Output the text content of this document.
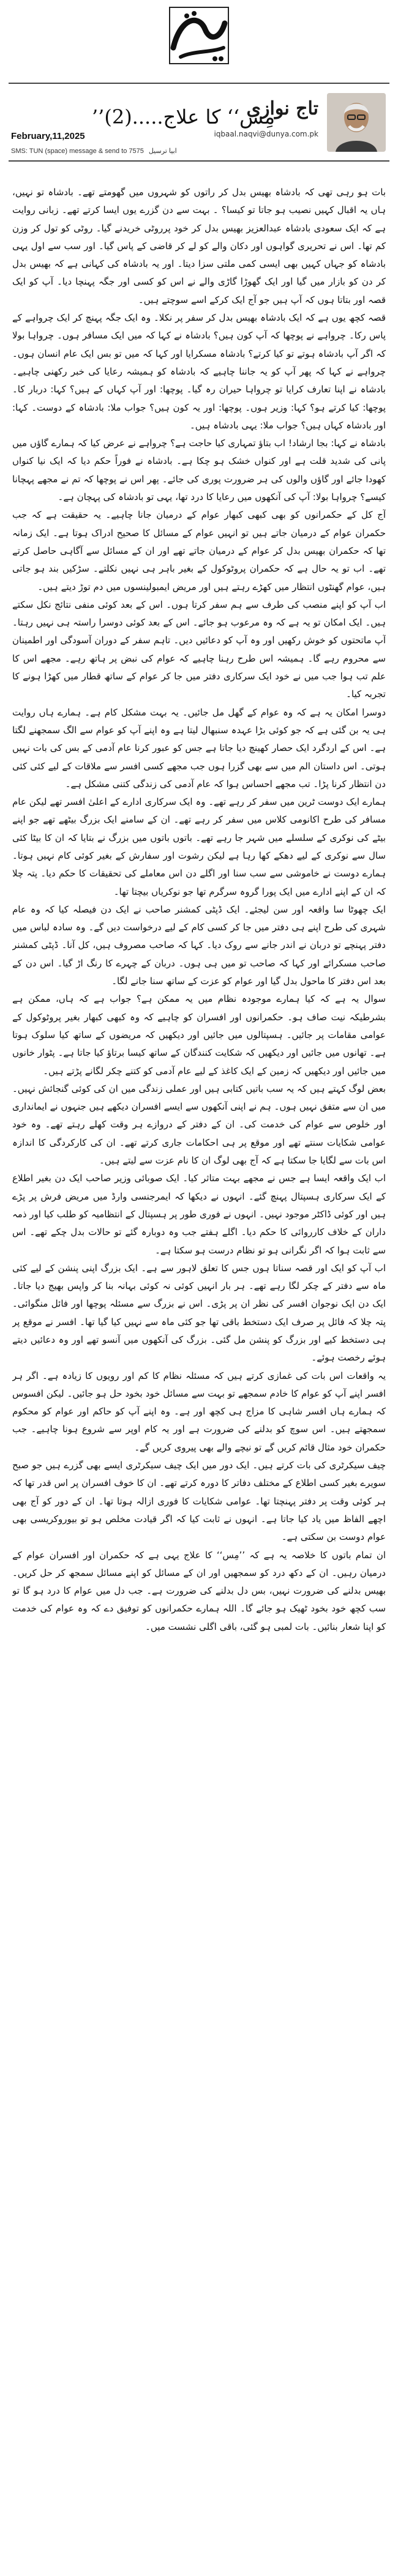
تاج نوازی
iqbaal.naqvi@dunya.com.pk
’’مِس‘‘ کا علاج.....(2)
February,11,2025
SMS: TUN (space) message & send to 7575 ابیا ترسیل

بات ہو رہی تھی کہ بادشاہ بھیس بدل کر راتوں کو شہروں میں گھومتے تھے۔ بادشاہ تو نہیں، ہاں یہ اقبال کہیں نصیب ہو جاتا تو کیسا؟ ۔ بہت سے دن گزرے یوں ایسا کرتے تھے۔ زبانی روایت ہے کہ ایک سعودی بادشاہ عبدالعزیز بھیس بدل کر خود پرروٹی خریدنے گیا۔ روٹی کو تول کر وزن کم تھا۔ اس نے تحریری گواہوں اور دکان والے کو لے کر قاضی کے پاس گیا۔ اور سب سے اول یہی بادشاہ کو جہاں کہیں بھی ایسی کمی ملتی سزا دیتا۔ اور یہ بادشاہ کی کہانی ہے کہ بھیس بدل کر دن کو بازار میں گیا اور ایک گھوڑا گاڑی والے نے اس کو کسی اور جگہ پہنچا دیا۔ آپ کو ایک قصہ اور بتاتا ہوں کہ آپ ہیں جو آج ایک کرکے اسے سوچتے ہیں۔

قصہ کچھ یوں ہے کہ ایک بادشاہ بھیس بدل کر سفر پر نکلا۔ وہ ایک جگہ پہنچ کر ایک چرواہے کے پاس رکا۔ چرواہے نے پوچھا کہ آپ کون ہیں؟ بادشاہ نے کہا کہ میں ایک مسافر ہوں۔ چرواہا بولا کہ اگر آپ بادشاہ ہوتے تو کیا کرتے؟ بادشاہ مسکرایا اور کہا کہ میں تو بس ایک عام انسان ہوں۔ چرواہے نے کہا کہ پھر آپ کو یہ جاننا چاہیے کہ بادشاہ کو ہمیشہ رعایا کی خبر رکھنی چاہیے۔ بادشاہ نے اپنا تعارف کرایا تو چرواہا حیران رہ گیا۔ پوچھا: اور آپ کہاں کے ہیں؟ کہا: دربار کا۔ پوچھا: کیا کرتے ہو؟ کہا: وزیر ہوں۔ پوچھا: اور یہ کون ہیں؟ جواب ملا: بادشاہ کے دوست۔ کہا: اور بادشاہ کہاں ہیں؟ جواب ملا: یہی بادشاہ ہیں۔

بادشاہ نے کہا: بجا ارشاد! اب بتاؤ تمہاری کیا حاجت ہے؟ چرواہے نے عرض کیا کہ ہمارے گاؤں میں پانی کی شدید قلت ہے اور کنواں خشک ہو چکا ہے۔ بادشاہ نے فوراً حکم دیا کہ ایک نیا کنواں کھودا جائے اور گاؤں والوں کی ہر ضرورت پوری کی جائے۔ پھر اس نے پوچھا کہ تم نے مجھے پہچانا کیسے؟ چرواہا بولا: آپ کی آنکھوں میں رعایا کا درد تھا، یہی تو بادشاہ کی پہچان ہے۔

آج کل کے حکمرانوں کو بھی کبھی کبھار عوام کے درمیان جانا چاہیے۔ یہ حقیقت ہے کہ جب حکمران عوام کے درمیان جاتے ہیں تو انہیں عوام کے مسائل کا صحیح ادراک ہوتا ہے۔ ایک زمانہ تھا کہ حکمران بھیس بدل کر عوام کے درمیان جاتے تھے اور ان کے مسائل سے آگاہی حاصل کرتے تھے۔ اب تو یہ حال ہے کہ حکمران پروٹوکول کے بغیر باہر ہی نہیں نکلتے۔ سڑکیں بند ہو جاتی ہیں، عوام گھنٹوں انتظار میں کھڑے رہتے ہیں اور مریض ایمبولینسوں میں دم توڑ دیتے ہیں۔

اب آپ کو اپنے منصب کی طرف سے ہم سفر کرتا ہوں۔ اس کے بعد کوئی منفی نتائج نکل سکتے ہیں۔ ایک امکان تو یہ ہے کہ وہ مرعوب ہو جائے۔ اس کے بعد کوئی دوسرا راستہ ہی نہیں رہتا۔ آپ ماتحتوں کو خوش رکھیں اور وہ آپ کو دعائیں دیں۔ تاہم سفر کے دوران آسودگی اور اطمینان سے محروم رہے گا۔ ہمیشہ اس طرح رہنا چاہیے کہ عوام کی نبض پر ہاتھ رہے۔ مجھے اس کا علم تب ہوا جب میں نے خود ایک سرکاری دفتر میں جا کر عوام کے ساتھ قطار میں کھڑا ہونے کا تجربہ کیا۔

دوسرا امکان یہ ہے کہ وہ عوام کے گھل مل جائیں۔ یہ بہت مشکل کام ہے۔ ہمارے ہاں روایت ہی یہ بن گئی ہے کہ جو کوئی بڑا عہدہ سنبھال لیتا ہے وہ اپنے آپ کو عوام سے الگ سمجھنے لگتا ہے۔ اس کے اردگرد ایک حصار کھینچ دیا جاتا ہے جس کو عبور کرنا عام آدمی کے بس کی بات نہیں ہوتی۔ اس داستان الم میں سے بھی گزرا ہوں جب مجھے کسی افسر سے ملاقات کے لیے کئی کئی دن انتظار کرنا پڑا۔ تب مجھے احساس ہوا کہ عام آدمی کی زندگی کتنی مشکل ہے۔

ہمارے ایک دوست ٹرین میں سفر کر رہے تھے۔ وہ ایک سرکاری ادارے کے اعلیٰ افسر تھے لیکن عام مسافر کی طرح اکانومی کلاس میں سفر کر رہے تھے۔ ان کے سامنے ایک بزرگ بیٹھے تھے جو اپنے بیٹے کی نوکری کے سلسلے میں شہر جا رہے تھے۔ باتوں باتوں میں بزرگ نے بتایا کہ ان کا بیٹا کئی سال سے نوکری کے لیے دھکے کھا رہا ہے لیکن رشوت اور سفارش کے بغیر کوئی کام نہیں ہوتا۔ ہمارے دوست نے خاموشی سے سب سنا اور اگلے دن اس معاملے کی تحقیقات کا حکم دیا۔ پتہ چلا کہ ان کے اپنے ادارے میں ایک پورا گروہ سرگرم تھا جو نوکریاں بیچتا تھا۔

ایک چھوٹا سا واقعہ اور سن لیجئے۔ ایک ڈپٹی کمشنر صاحب نے ایک دن فیصلہ کیا کہ وہ عام شہری کی طرح اپنے ہی دفتر میں جا کر کسی کام کے لیے درخواست دیں گے۔ وہ سادہ لباس میں دفتر پہنچے تو دربان نے اندر جانے سے روک دیا۔ کہا کہ صاحب مصروف ہیں، کل آنا۔ ڈپٹی کمشنر صاحب مسکرائے اور کہا کہ صاحب تو میں ہی ہوں۔ دربان کے چہرے کا رنگ اڑ گیا۔ اس دن کے بعد اس دفتر کا ماحول بدل گیا اور عوام کو عزت کے ساتھ سنا جانے لگا۔

سوال یہ ہے کہ کیا ہمارے موجودہ نظام میں یہ ممکن ہے؟ جواب ہے کہ ہاں، ممکن ہے بشرطیکہ نیت صاف ہو۔ حکمرانوں اور افسران کو چاہیے کہ وہ کبھی کبھار بغیر پروٹوکول کے عوامی مقامات پر جائیں۔ ہسپتالوں میں جائیں اور دیکھیں کہ مریضوں کے ساتھ کیا سلوک ہوتا ہے۔ تھانوں میں جائیں اور دیکھیں کہ شکایت کنندگان کے ساتھ کیسا برتاؤ کیا جاتا ہے۔ پٹوار خانوں میں جائیں اور دیکھیں کہ زمین کے ایک کاغذ کے لیے عام آدمی کو کتنے چکر لگانے پڑتے ہیں۔

بعض لوگ کہتے ہیں کہ یہ سب باتیں کتابی ہیں اور عملی زندگی میں ان کی کوئی گنجائش نہیں۔ میں ان سے متفق نہیں ہوں۔ ہم نے اپنی آنکھوں سے ایسے افسران دیکھے ہیں جنہوں نے ایمانداری اور خلوص سے عوام کی خدمت کی۔ ان کے دفتر کے دروازے ہر وقت کھلے رہتے تھے۔ وہ خود عوامی شکایات سنتے تھے اور موقع پر ہی احکامات جاری کرتے تھے۔ ان کی کارکردگی کا اندازہ اس بات سے لگایا جا سکتا ہے کہ آج بھی لوگ ان کا نام عزت سے لیتے ہیں۔

اب ایک واقعہ ایسا ہے جس نے مجھے بہت متاثر کیا۔ ایک صوبائی وزیر صاحب ایک دن بغیر اطلاع کے ایک سرکاری ہسپتال پہنچ گئے۔ انہوں نے دیکھا کہ ایمرجنسی وارڈ میں مریض فرش پر پڑے ہیں اور کوئی ڈاکٹر موجود نہیں۔ انہوں نے فوری طور پر ہسپتال کے انتظامیہ کو طلب کیا اور ذمہ داران کے خلاف کارروائی کا حکم دیا۔ اگلے ہفتے جب وہ دوبارہ گئے تو حالات بدل چکے تھے۔ اس سے ثابت ہوا کہ اگر نگرانی ہو تو نظام درست ہو سکتا ہے۔

اب آپ کو ایک اور قصہ سناتا ہوں جس کا تعلق لاہور سے ہے۔ ایک بزرگ اپنی پنشن کے لیے کئی ماہ سے دفتر کے چکر لگا رہے تھے۔ ہر بار انہیں کوئی نہ کوئی بہانہ بنا کر واپس بھیج دیا جاتا۔ ایک دن ایک نوجوان افسر کی نظر ان پر پڑی۔ اس نے بزرگ سے مسئلہ پوچھا اور فائل منگوائی۔ پتہ چلا کہ فائل پر صرف ایک دستخط باقی تھا جو کئی ماہ سے نہیں کیا گیا تھا۔ افسر نے موقع پر ہی دستخط کیے اور بزرگ کو پنشن مل گئی۔ بزرگ کی آنکھوں میں آنسو تھے اور وہ دعائیں دیتے ہوئے رخصت ہوئے۔

یہ واقعات اس بات کی غمازی کرتے ہیں کہ مسئلہ نظام کا کم اور رویوں کا زیادہ ہے۔ اگر ہر افسر اپنے آپ کو عوام کا خادم سمجھے تو بہت سے مسائل خود بخود حل ہو جائیں۔ لیکن افسوس کہ ہمارے ہاں افسر شاہی کا مزاج ہی کچھ اور ہے۔ وہ اپنے آپ کو حاکم اور عوام کو محکوم سمجھتے ہیں۔ اس سوچ کو بدلنے کی ضرورت ہے اور یہ کام اوپر سے شروع ہونا چاہیے۔ جب حکمران خود مثال قائم کریں گے تو نیچے والے بھی پیروی کریں گے۔

چیف سیکرٹری کی بات کرتے ہیں۔ ایک دور میں ایک چیف سیکرٹری ایسے بھی گزرے ہیں جو صبح سویرے بغیر کسی اطلاع کے مختلف دفاتر کا دورہ کرتے تھے۔ ان کا خوف افسران پر اس قدر تھا کہ ہر کوئی وقت پر دفتر پہنچتا تھا۔ عوامی شکایات کا فوری ازالہ ہوتا تھا۔ ان کے دور کو آج بھی اچھے الفاظ میں یاد کیا جاتا ہے۔ انہوں نے ثابت کیا کہ اگر قیادت مخلص ہو تو بیوروکریسی بھی عوام دوست بن سکتی ہے۔

ان تمام باتوں کا خلاصہ یہ ہے کہ ’’مِس‘‘ کا علاج یہی ہے کہ حکمران اور افسران عوام کے درمیان رہیں۔ ان کے دکھ درد کو سمجھیں اور ان کے مسائل کو اپنے مسائل سمجھ کر حل کریں۔ بھیس بدلنے کی ضرورت نہیں، بس دل بدلنے کی ضرورت ہے۔ جب دل میں عوام کا درد ہو گا تو سب کچھ خود بخود ٹھیک ہو جائے گا۔ اللہ ہمارے حکمرانوں کو توفیق دے کہ وہ عوام کی خدمت کو اپنا شعار بنائیں۔ بات لمبی ہو گئی، باقی اگلی نشست میں۔
